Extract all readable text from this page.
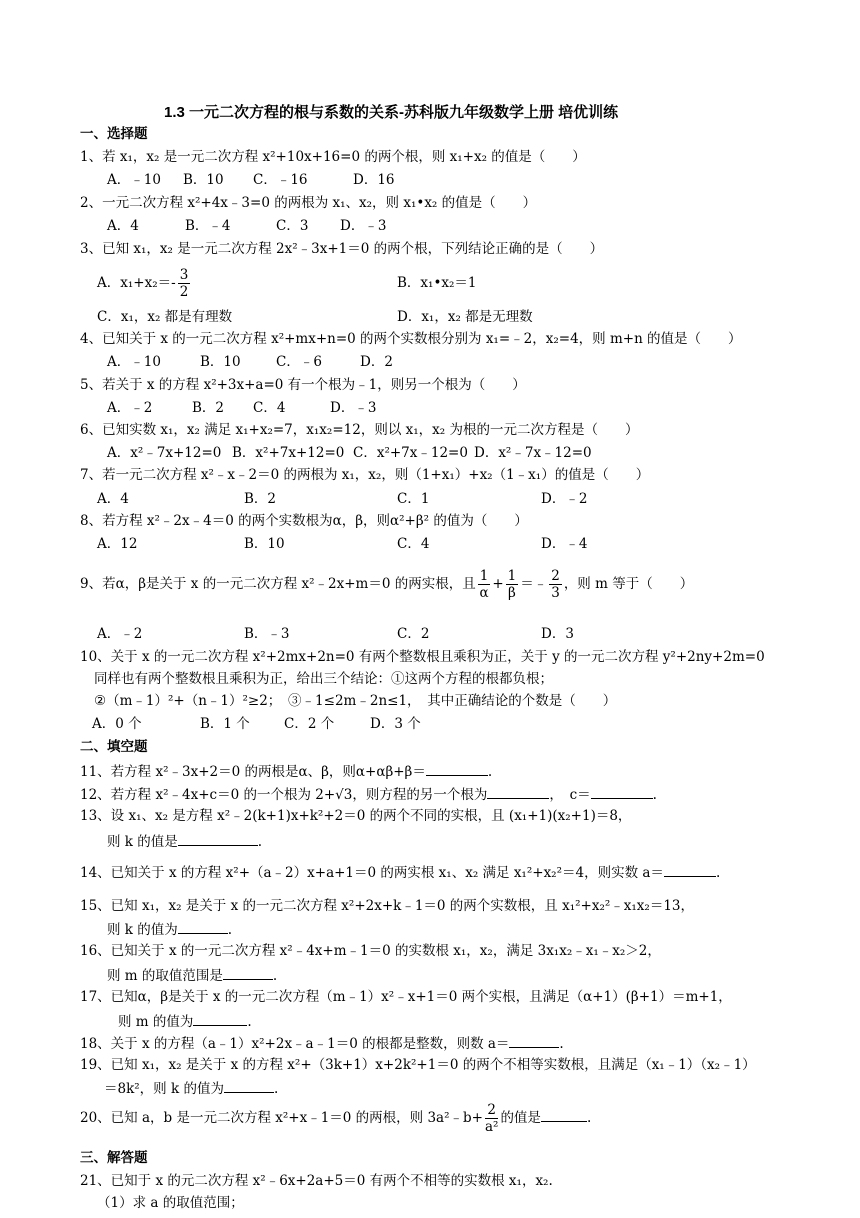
1.3 一元二次方程的根与系数的关系-苏科版九年级数学上册 培优训练
一、选择题
1、若 x₁，x₂ 是一元二次方程 x²+10x+16=0 的两个根，则 x₁+x₂ 的值是（　　）
A．﹣10 B．10 C．﹣16	D．16
2、一元二次方程 x²+4x﹣3=0 的两根为 x₁、x₂，则 x₁•x₂ 的值是（　　）
A．4	B．﹣4	C．3 D．﹣3
3、已知 x₁，x₂ 是一元二次方程 2x²﹣3x+1＝0 的两个根，下列结论正确的是（　　）
A．$x_1+x_2=- \frac{3}{2}$	B．x₁•x₂＝1
C．x₁，x₂ 都是有理数	D．x₁，x₂ 都是无理数
4、已知关于 x 的一元二次方程 x²+mx+n=0 的两个实数根分别为 x₁=﹣2，x₂=4，则 m+n 的值是（　　）
A．﹣10	B．10	C．﹣6	D．2
5、若关于 x 的方程 x²+3x+a=0 有一个根为﹣1，则另一个根为（　　）
A．﹣2	B．2 C．4	D．﹣3
6、已知实数 x₁，x₂ 满足 x₁+x₂=7，x₁x₂=12，则以 x₁，x₂ 为根的一元二次方程是（　　）
A．x²﹣7x+12=0 B．x²+7x+12=0 C．x²+7x﹣12=0 D．x²﹣7x﹣12=0
7、若一元二次方程 x²﹣x﹣2＝0 的两根为 x₁，x₂，则（1+x₁）+x₂（1﹣x₁）的值是（　　）
A．4	B．2	C．1	D．﹣2
8、若方程 x²﹣2x﹣4＝0 的两个实数根为α，β，则α²+β² 的值为（　　）
A．12	B．10	C．4	D．﹣4
9、若α，β是关于 x 的一元二次方程 x²﹣2x+m＝0 的两实根，且 $\frac{1}{\alpha} + \frac{1}{\beta}$ ＝﹣ $\frac{2}{3}$ ，则 m 等于（　　）
A．﹣2	B．﹣3	C．2	D．3
10、关于 x 的一元二次方程 x²+2mx+2n=0 有两个整数根且乘积为正，关于 y 的一元二次方程 y²+2ny+2m=0
同样也有两个整数根且乘积为正，给出三个结论：①这两个方程的根都负根；
②（m﹣1）²+（n﹣1）²≥2；　③﹣1≤2m﹣2n≤1，　其中正确结论的个数是（　　）
A．0 个	B．1 个	C．2 个	D．3 个
二、填空题
11、若方程 x²﹣3x+2＝0 的两根是α、β，则α+αβ+β＝	.
12、若方程 x²﹣4x+c＝0 的一个根为 2+√3，则方程的另一个根为	，　c＝	.
13、设 x₁、x₂ 是方程 x²﹣2(k+1)x+k²+2＝0 的两个不同的实根，且 (x₁+1)(x₂+1)＝8，
则 k 的值是	.
14、已知关于 x 的方程 x²+（a﹣2）x+a+1＝0 的两实根 x₁、x₂ 满足 x₁²+x₂²＝4，则实数 a＝	.
15、已知 x₁，x₂ 是关于 x 的一元二次方程 x²+2x+k﹣1＝0 的两个实数根，且 x₁²+x₂²﹣x₁x₂＝13，
则 k 的值为	.
16、已知关于 x 的一元二次方程 x²﹣4x+m﹣1＝0 的实数根 x₁，x₂，满足 3x₁x₂﹣x₁﹣x₂＞2，
则 m 的取值范围是	.
17、已知α，β是关于 x 的一元二次方程（m﹣1）x²﹣x+1＝0 两个实根，且满足（α+1）(β+1）＝m+1，
则 m 的值为	.
18、关于 x 的方程（a﹣1）x²+2x﹣a﹣1＝0 的根都是整数，则数 a＝	.
19、已知 x₁，x₂ 是关于 x 的方程 x²+（3k+1）x+2k²+1＝0 的两个不相等实数根，且满足（x₁﹣1）（x₂﹣1）
＝8k²，则 k 的值为	.
20、已知 a，b 是一元二次方程 x²+x﹣1＝0 的两根，则 3a²﹣b+ $\frac{2}{\text{a²}}$ 的值是	.
三、解答题
21、已知于 x 的元二次方程 x²﹣6x+2a+5＝0 有两个不相等的实数根 x₁，x₂.
（1）求 a 的取值范围；
